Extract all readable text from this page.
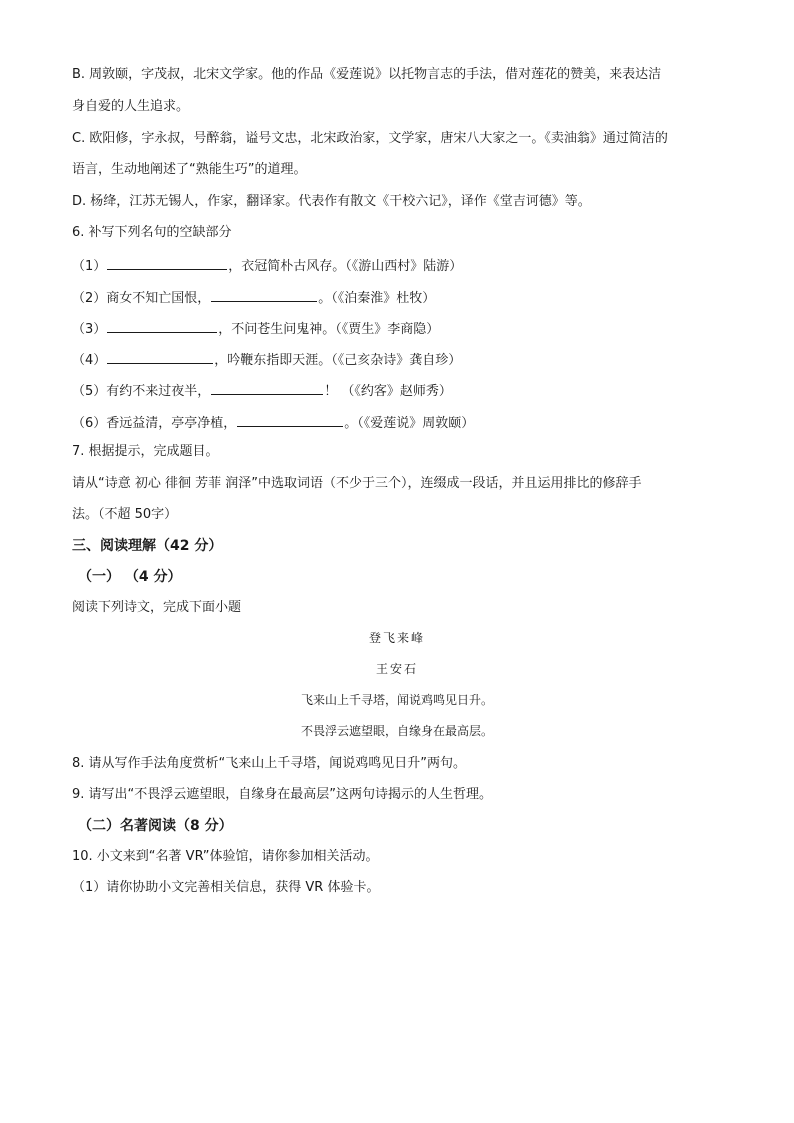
B. 周敦颐，字茂叔，北宋文学家。他的作品《爱莲说》以托物言志的手法，借对莲花的赞美，来表达洁
身自爱的人生追求。
C. 欧阳修，字永叔，号醉翁，谥号文忠，北宋政治家，文学家，唐宋八大家之一。《卖油翁》通过简洁的
语言，生动地阐述了“熟能生巧”的道理。
D. 杨绛，江苏无锡人，作家，翻译家。代表作有散文《干校六记》，译作《堂吉诃德》等。
6. 补写下列名句的空缺部分
（1）	，衣冠简朴古风存。（《游山西村》陆游）
（2）商女不知亡国恨，	。（《泊秦淮》杜牧）
（3）	，不问苍生问鬼神。（《贾生》李商隐）
（4）	，吟鞭东指即天涯。（《己亥杂诗》龚自珍）
（5）有约不来过夜半，	！ （《约客》赵师秀）
（6）香远益清，亭亭净植，	。（《爱莲说》周敦颐）
7. 根据提示，完成题目。
请从“诗意 初心 徘徊 芳菲 润泽”中选取词语（不少于三个），连缀成一段话，并且运用排比的修辞手
法。（不超 50字）
三、阅读理解（42 分）
（一） （4 分）
阅读下列诗文，完成下面小题
登飞来峰
王安石
飞来山上千寻塔，闻说鸡鸣见日升。
不畏浮云遮望眼，自缘身在最高层。
8. 请从写作手法角度赏析“飞来山上千寻塔，闻说鸡鸣见日升”两句。
9. 请写出“不畏浮云遮望眼，自缘身在最高层”这两句诗揭示的人生哲理。
（二）名著阅读（8 分）
10. 小文来到“名著 VR”体验馆，请你参加相关活动。
（1）请你协助小文完善相关信息，获得 VR 体验卡。
